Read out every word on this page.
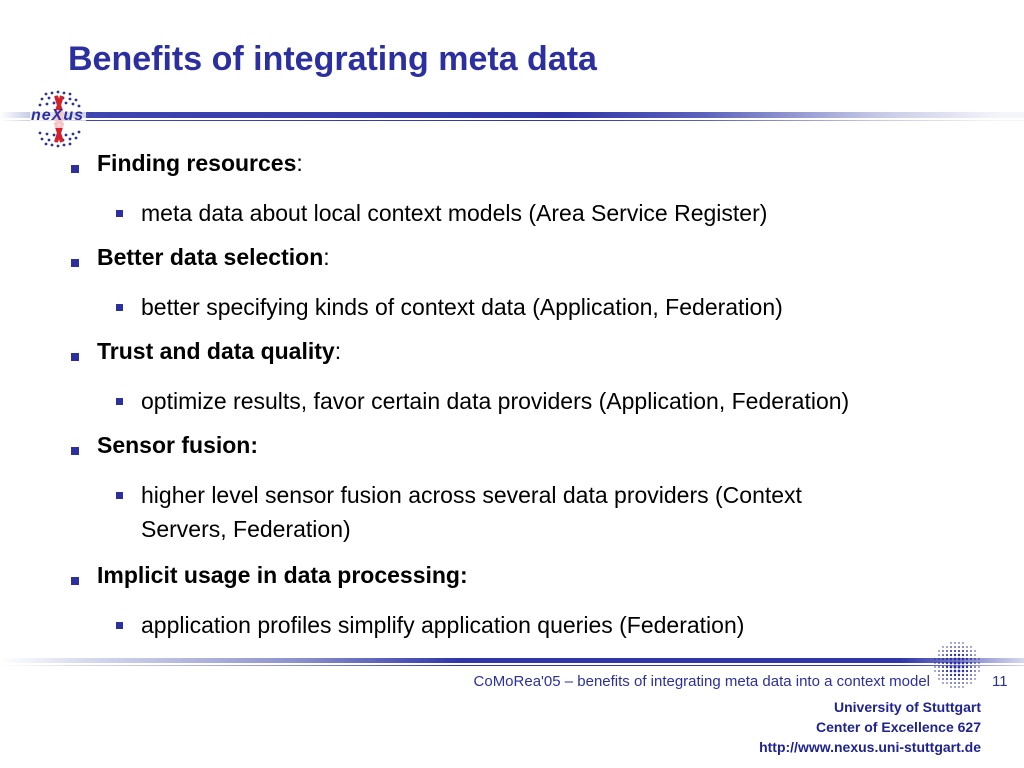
Benefits of integrating meta data
neXus
Finding resources:
meta data about local context models (Area Service Register)
Better data selection:
better specifying kinds of context data (Application, Federation)
Trust and data quality:
optimize results, favor certain data providers (Application, Federation)
Sensor fusion:
higher level sensor fusion across several data providers (Context
Servers, Federation)
Implicit usage in data processing:
application profiles simplify application queries (Federation)
CoMoRea'05 – benefits of integrating meta data into a context model	11
University of Stuttgart
Center of Excellence 627
http://www.nexus.uni-stuttgart.de
